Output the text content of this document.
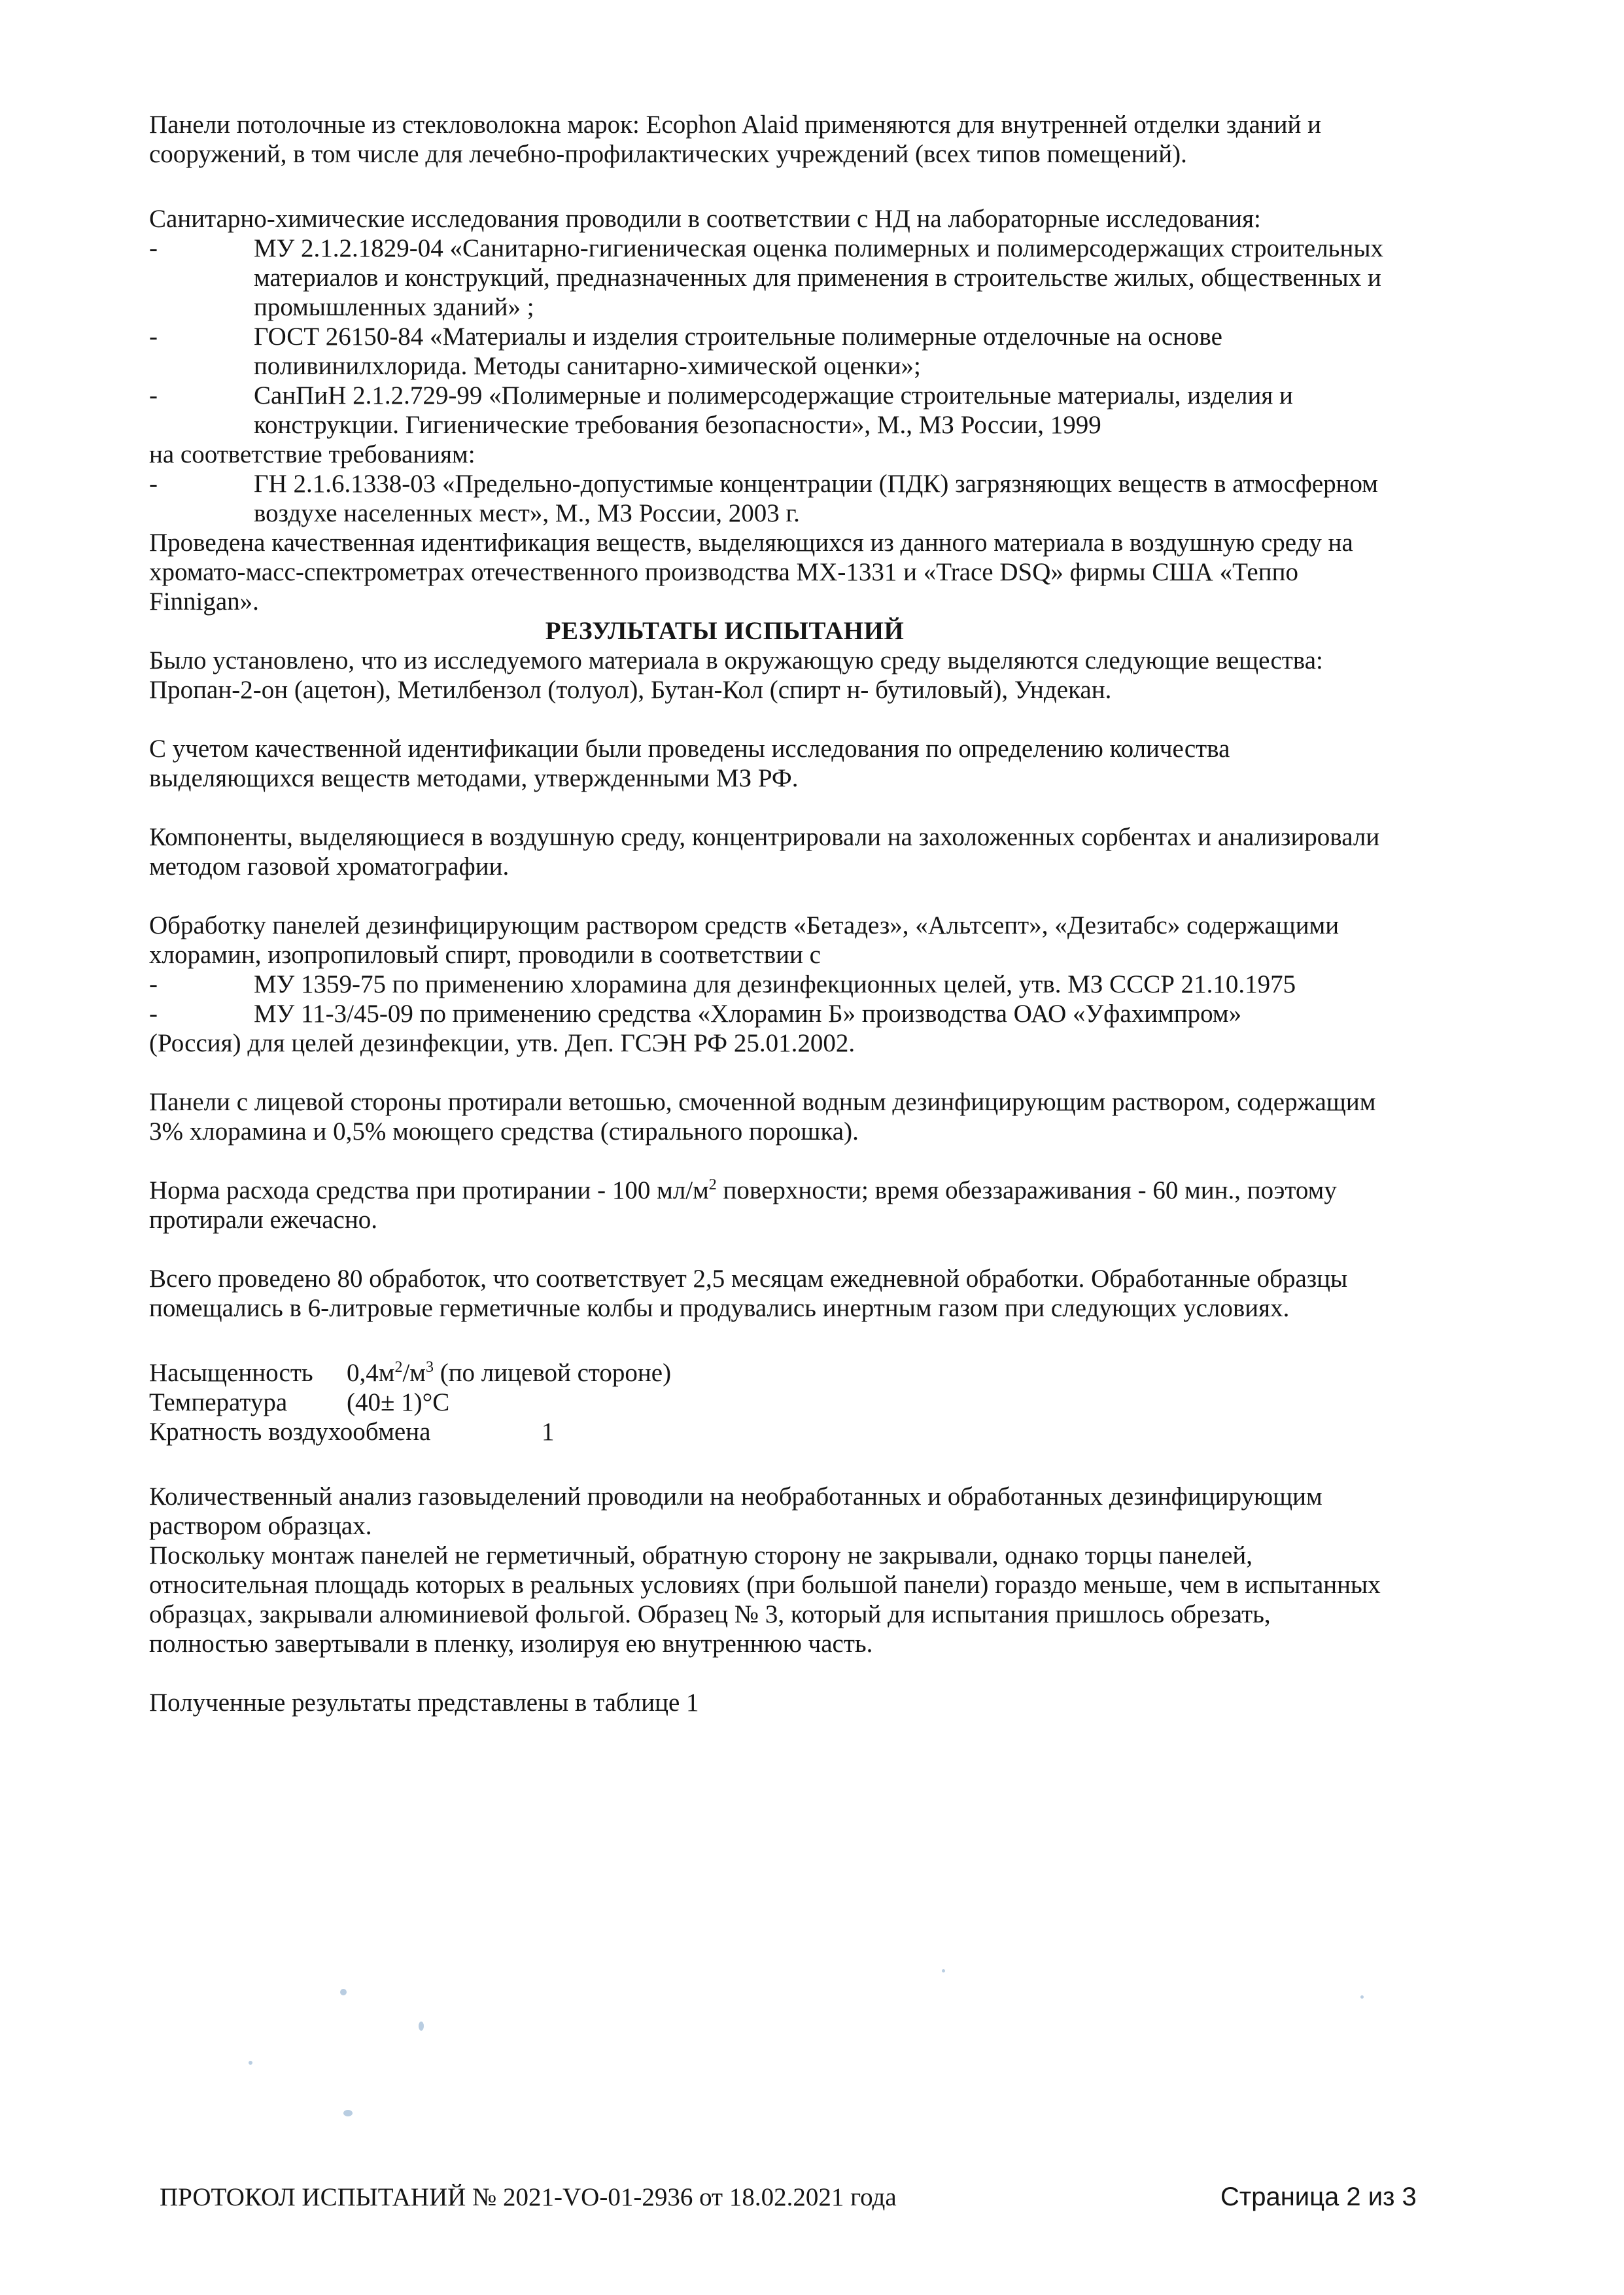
Панели потолочные из стекловолокна марок: Ecophon Alaid применяются для внутренней отделки зданий и сооружений, в том числе для лечебно-профилактических учреждений (всех типов помещений).

Санитарно-химические исследования проводили в соответствии с НД на лабораторные исследования:

-	МУ 2.1.2.1829-04 «Санитарно-гигиеническая оценка полимерных и полимерсодержащих строительных материалов и конструкций, предназначенных для применения в строительстве жилых, общественных и промышленных зданий» ;
-	ГОСТ 26150-84 «Материалы и изделия строительные полимерные отделочные на основе поливинилхлорида. Методы санитарно-химической оценки»;
-	СанПиН 2.1.2.729-99 «Полимерные и полимерсодержащие строительные материалы, изделия и конструкции. Гигиенические требования безопасности», М., МЗ России, 1999

на соответствие требованиям:

-	ГН 2.1.6.1338-03 «Предельно-допустимые концентрации (ПДК) загрязняющих веществ в атмосферном воздухе населенных мест», М., МЗ России, 2003 г.

Проведена качественная идентификация веществ, выделяющихся из данного материала в воздушную среду на хромато-масс-спектрометрах отечественного производства МХ-1331 и «Trace DSQ» фирмы США «Теппо Finnigan».

РЕЗУЛЬТАТЫ ИСПЫТАНИЙ

Было установлено, что из исследуемого материала в окружающую среду выделяются следующие вещества: Пропан-2-он (ацетон), Метилбензол (толуол), Бутан-Кол (спирт н- бутиловый), Ундекан.

С учетом качественной идентификации были проведены исследования по определению количества выделяющихся веществ методами, утвержденными МЗ РФ.

Компоненты, выделяющиеся в воздушную среду, концентрировали на захоложенных сорбентах и анализировали методом газовой хроматографии.

Обработку панелей дезинфицирующим раствором средств «Бетадез», «Альтсепт», «Дезитабс» содержащими хлорамин, изопропиловый спирт, проводили в соответствии с

-	МУ 1359-75 по применению хлорамина для дезинфекционных целей, утв. МЗ СССР 21.10.1975
-	МУ 11-3/45-09 по применению средства «Хлорамин Б» производства ОАО «Уфахимпром»

(Россия) для целей дезинфекции, утв. Деп. ГСЭН РФ 25.01.2002.

Панели с лицевой стороны протирали ветошью, смоченной водным дезинфицирующим раствором, содержащим 3% хлорамина и 0,5% моющего средства (стирального порошка).

Норма расхода средства при протирании - 100 $мл/м^2$ поверхности; время обеззараживания - 60 мин., поэтому протирали ежечасно.

Всего проведено 80 обработок, что соответствует 2,5 месяцам ежедневной обработки. Обработанные образцы помещались в 6-литровые герметичные колбы и продувались инертным газом при следующих условиях.

Насыщенность	$0,4м^2/м^3$ (по лицевой стороне)
Температура	(40± 1)°С
Кратность воздухообмена	1

Количественный анализ газовыделений проводили на необработанных и обработанных дезинфицирующим раствором образцах.

Поскольку монтаж панелей не герметичный, обратную сторону не закрывали, однако торцы панелей, относительная площадь которых в реальных условиях (при большой панели) гораздо меньше, чем в испытанных образцах, закрывали алюминиевой фольгой. Образец № 3, который для испытания пришлось обрезать, полностью завертывали в пленку, изолируя ею внутреннюю часть.

Полученные результаты представлены в таблице 1

ПРОТОКОЛ ИСПЫТАНИЙ № 2021-VO-01-2936 от 18.02.2021 года	Страница 2 из 3
